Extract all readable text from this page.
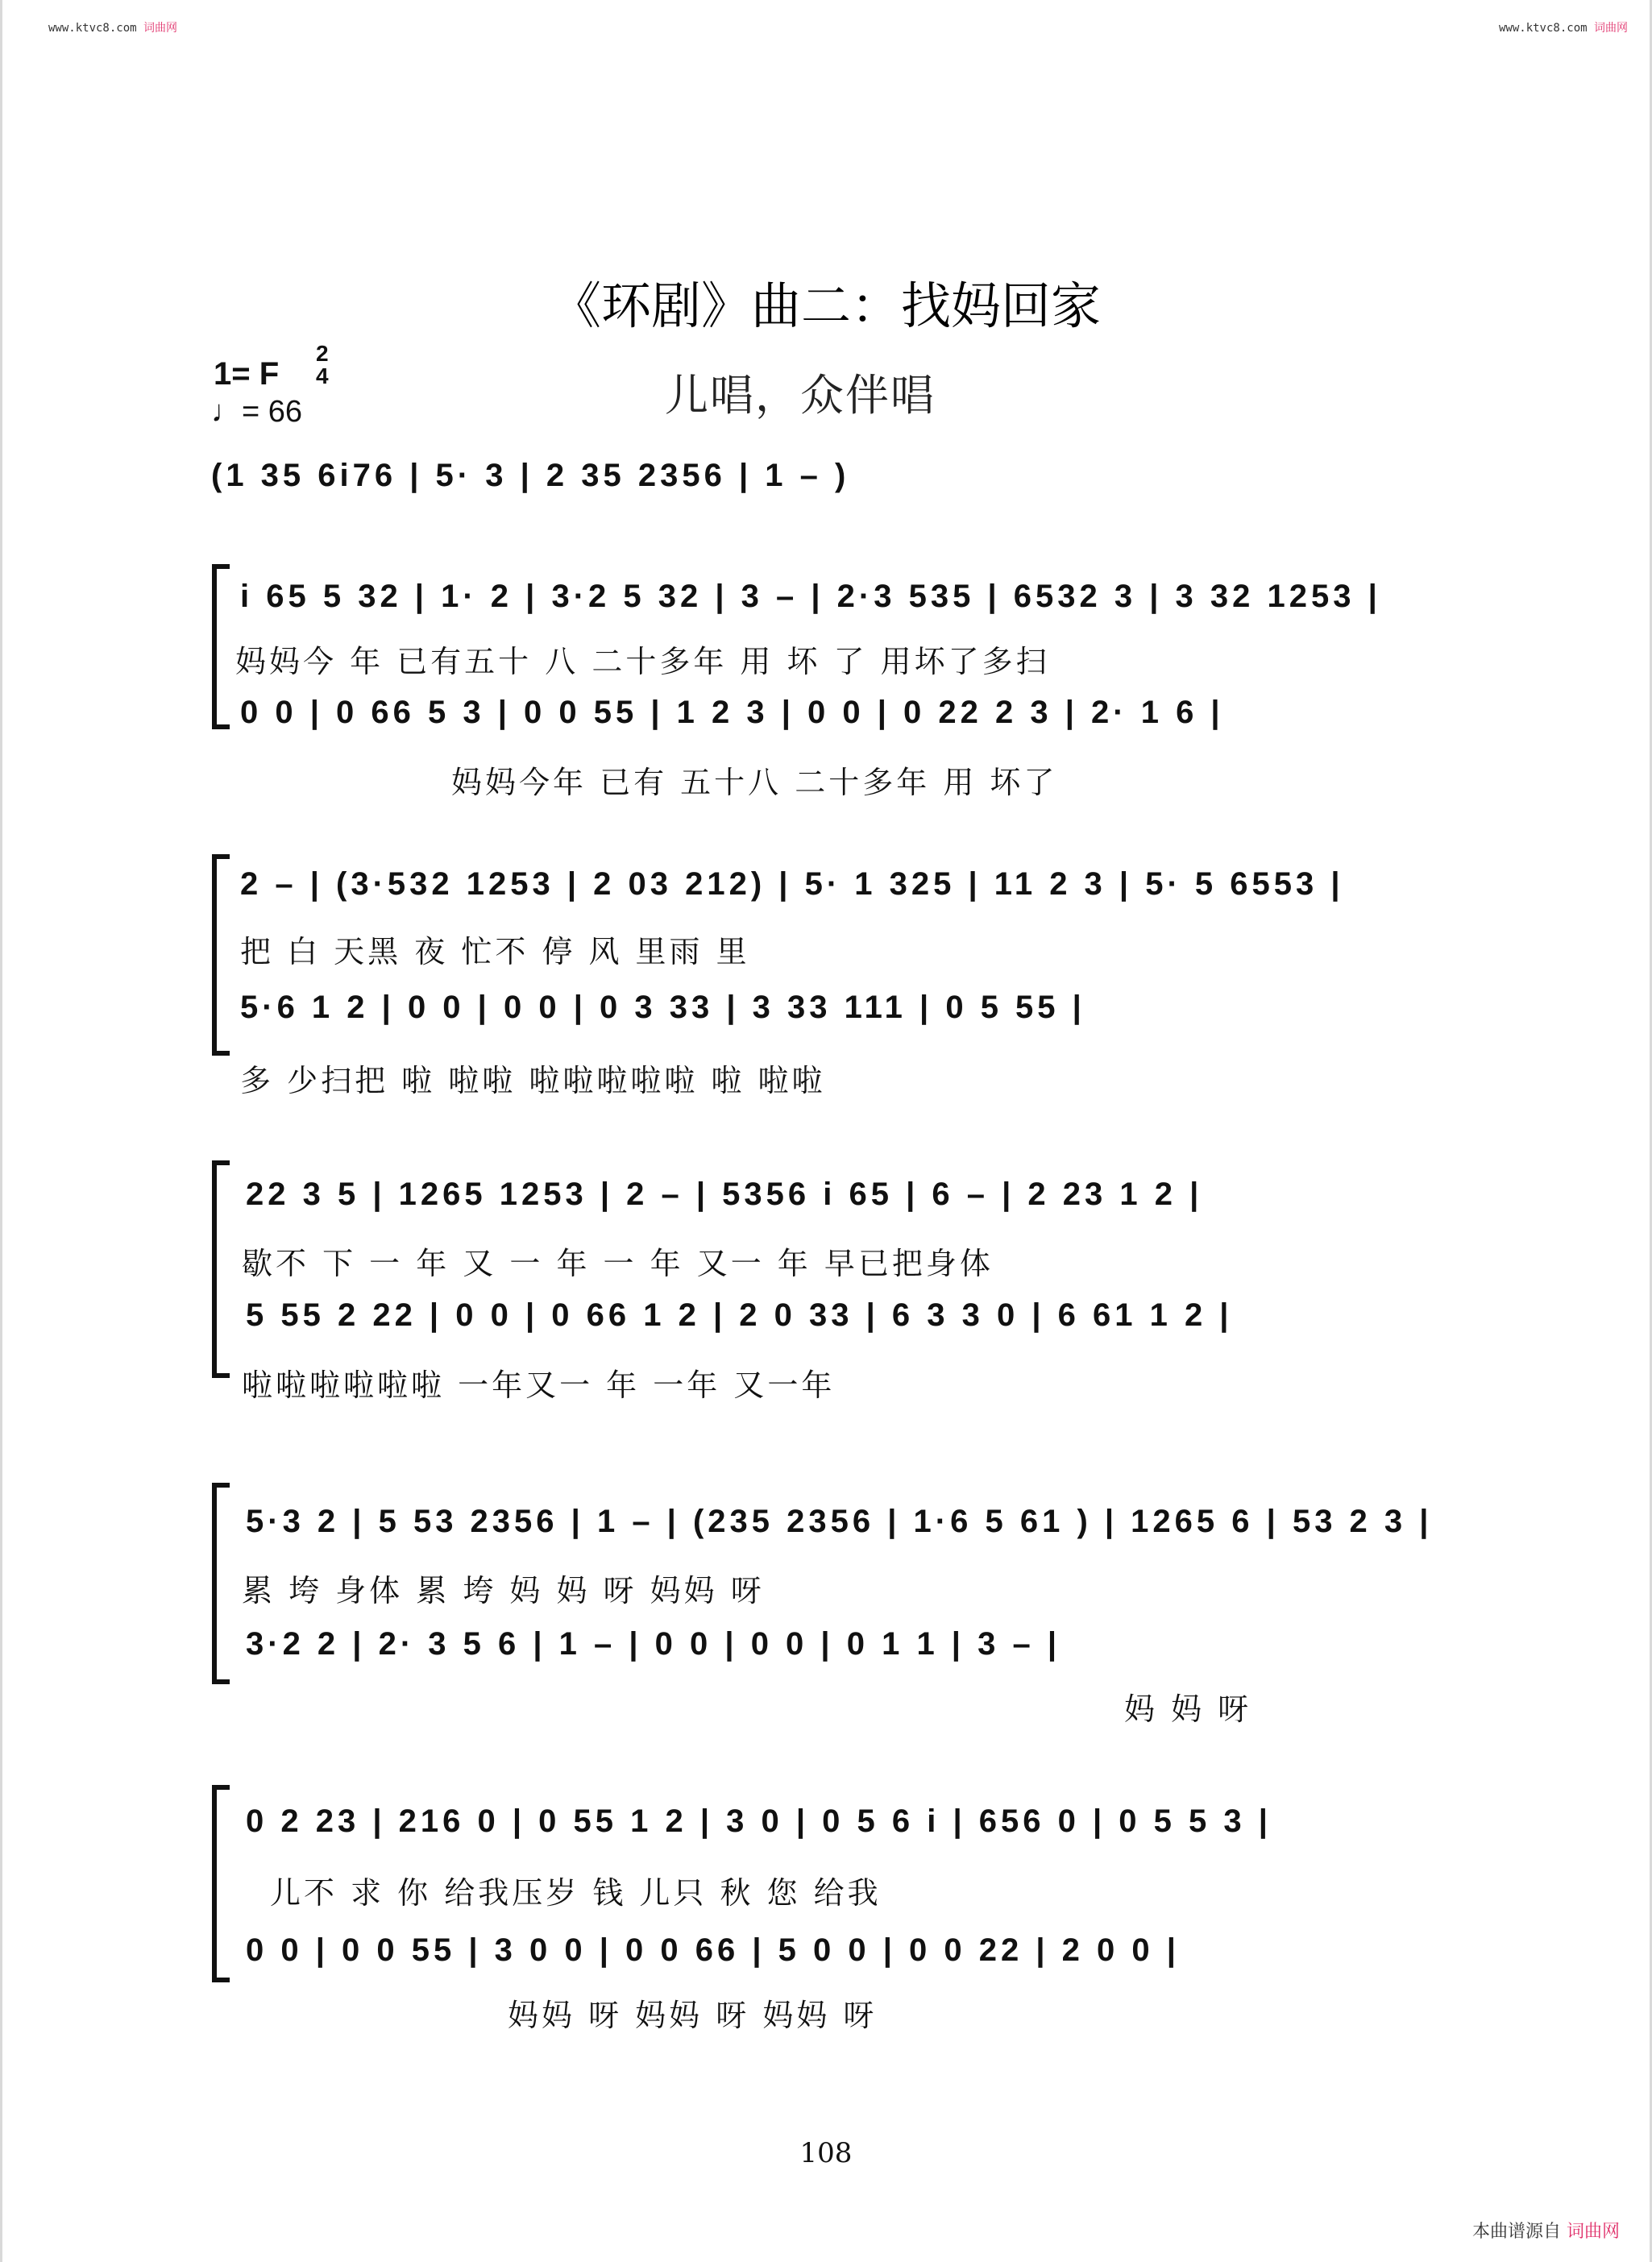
www.ktvc8.com 词曲网	www.ktvc8.com 词曲网
《环剧》曲二：找妈回家
1= F
2
4
♩= 66	儿唱，众伴唱
(1 35 6i76 | 5· 3 | 2 35 2356 | 1 – )
i 65 5 32 | 1· 2 | 3·2 5 32 | 3 – | 2·3 535 | 6532 3 | 3 32 1253 |
妈妈今 年 已有五十 八 二十多年 用 坏 了 用坏了多扫
0 0 | 0 66 5 3 | 0 0 55 | 1 2 3 | 0 0 | 0 22 2 3 | 2· 1 6 |
妈妈今年 已有 五十八 二十多年 用 坏了
2 – | (3·532 1253 | 2 03 212) | 5· 1 325 | 11 2 3 | 5· 5 6553 |
把 白 天黑 夜 忙不 停 风 里雨 里
5·6 1 2 | 0 0 | 0 0 | 0 3 33 | 3 33 111 | 0 5 55 |
多 少扫把 啦 啦啦 啦啦啦啦啦 啦 啦啦
22 3 5 | 1265 1253 | 2 – | 5356 i 65 | 6 – | 2 23 1 2 |
歇不 下 一 年 又 一 年 一 年 又一 年 早已把身体
5 55 2 22 | 0 0 | 0 66 1 2 | 2 0 33 | 6 3 3 0 | 6 61 1 2 |
啦啦啦啦啦啦 一年又一 年 一年 又一年
5·3 2 | 5 53 2356 | 1 – | (235 2356 | 1·6 5 61 ) | 1265 6 | 53 2 3 |
累 垮 身体 累 垮 妈 妈 呀 妈妈 呀
3·2 2 | 2· 3 5 6 | 1 – | 0 0 | 0 0 | 0 1 1 | 3 – |
妈 妈 呀
0 2 23 | 216 0 | 0 55 1 2 | 3 0 | 0 5 6 i | 656 0 | 0 5 5 3 |
儿不 求 你 给我压岁 钱 儿只 秋 您 给我
0 0 | 0 0 55 | 3 0 0 | 0 0 66 | 5 0 0 | 0 0 22 | 2 0 0 |
妈妈 呀 妈妈 呀 妈妈 呀
108
本曲谱源自 词曲网
